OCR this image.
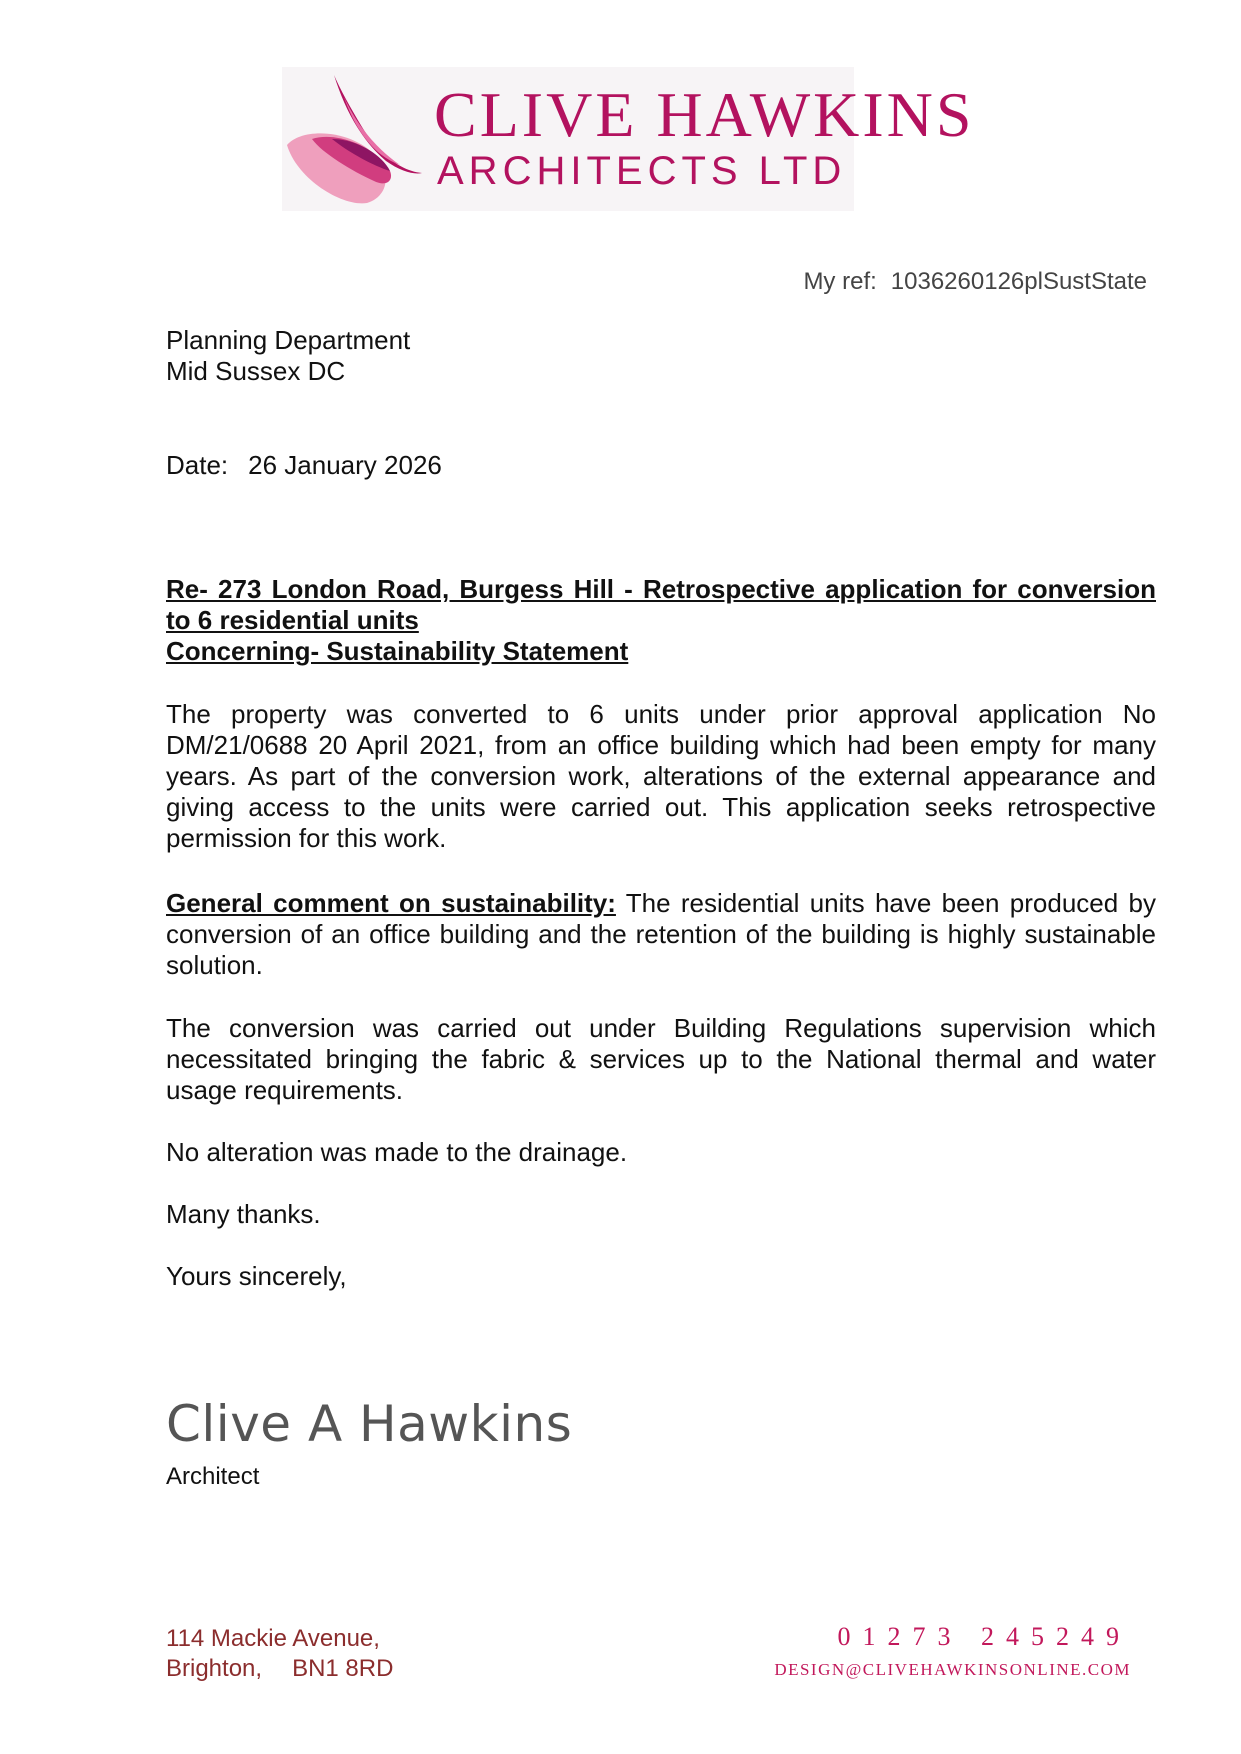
CLIVE HAWKINS
ARCHITECTS LTD
My ref: 1036260126plSustState
Planning Department
Mid Sussex DC
Date: 26 January 2026
Re- 273 London Road, Burgess Hill - Retrospective application for conversion to 6 residential units
Concerning- Sustainability Statement
The property was converted to 6 units under prior approval application No DM/21/0688 20 April 2021, from an office building which had been empty for many years. As part of the conversion work, alterations of the external appearance and giving access to the units were carried out. This application seeks retrospective permission for this work.
General comment on sustainability: The residential units have been produced by conversion of an office building and the retention of the building is highly sustainable solution.
The conversion was carried out under Building Regulations supervision which necessitated bringing the fabric & services up to the National thermal and water usage requirements.
No alteration was made to the drainage.
Many thanks.
Yours sincerely,
Clive A Hawkins
Architect
114 Mackie Avenue,
Brighton, BN1 8RD
01273 245249
DESIGN@CLIVEHAWKINSONLINE.COM
